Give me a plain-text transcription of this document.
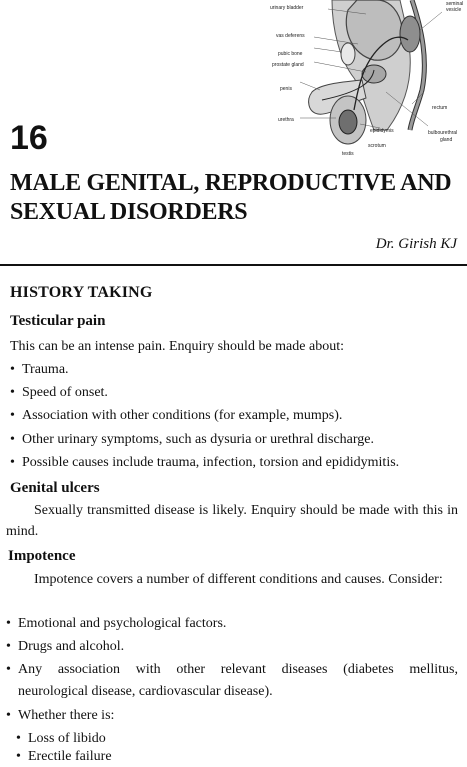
urinary bladder
seminal
vesicle
vas deferens
pubic bone
prostate gland
penis
urethra
rectum
epididymis	bulbourethral
gland
scrotum
testis
16
MALE GENITAL, REPRODUCTIVE AND
SEXUAL DISORDERS
Dr. Girish KJ
HISTORY TAKING
Testicular pain
This can be an intense pain. Enquiry should be made about:
• Trauma.
• Speed of onset.
• Association with other conditions (for example, mumps).
• Other urinary symptoms, such as dysuria or urethral discharge.
• Possible causes include trauma, infection, torsion and epididymitis.
Genital ulcers
Sexually transmitted disease is likely. Enquiry should be made with this in mind.
Impotence
Impotence covers a number of different conditions and causes. Consider:
• Emotional and psychological factors.
• Drugs and alcohol.
• Any association with other relevant diseases (diabetes mellitus,
neurological disease, cardiovascular disease).
• Whether there is:
• Loss of libido
• Erectile failure
